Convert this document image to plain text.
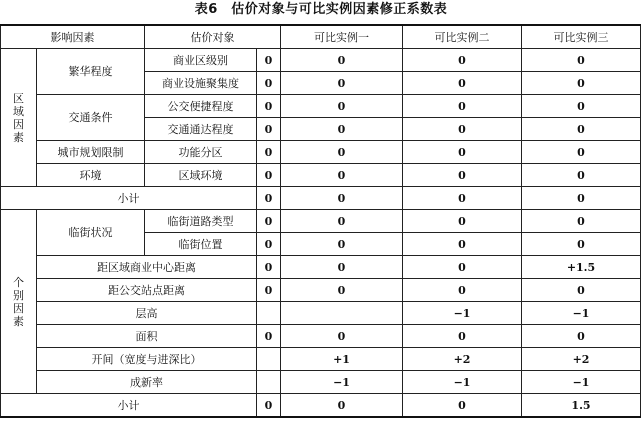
表6　估价对象与可比实例因素修正系数表
影响因素		估价对象		可比实例一	可比实例二	可比实例三
区域因素	繁华程度	商业区级别	0	0	0	0
		商业设施聚集度	0	0	0	0
	交通条件	公交便捷程度	0	0	0	0
		交通通达程度	0	0	0	0
	城市规划限制	功能分区	0	0	0	0
	环境	区域环境	0	0	0	0
小计			0	0	0	0
个别因素	临街状况	临街道路类型	0	0	0	0
		临街位置	0	0	0	0
	距区域商业中心距离		0	0	0	+1.5
	距公交站点距离		0	0	0	0
	层高				−1	−1
	面积		0	0	0	0
	开间（宽度与进深比）			+1	+2	+2
	成新率			−1	−1	−1
小计			0	0	0	1.5
